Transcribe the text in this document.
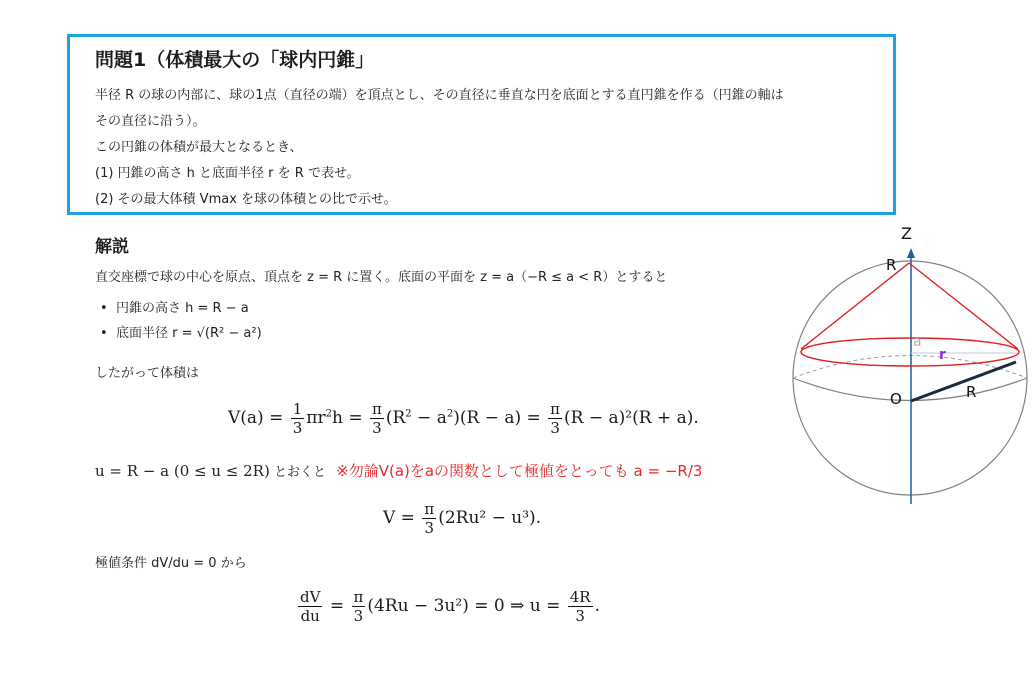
問題1（体積最大の「球内円錐」
半径 R の球の内部に、球の1点（直径の端）を頂点とし、その直径に垂直な円を底面とする直円錐を作る（円錐の軸は
その直径に沿う）。
この円錐の体積が最大となるとき、
(1) 円錐の高さ h と底面半径 r を R で表せ。
(2) その最大体積 Vmax を球の体積との比で示せ。
解説
直交座標で球の中心を原点、頂点を z = R に置く。底面の平面を z = a（−R ≤ a < R）とすると
• 円錐の高さ h = R − a
• 底面半径 r = √(R² − a²)
したがって体積は
$V(a) = \frac{1}{3} \pi r^2h = \frac{\pi}{3} (R^2 - a^2)(R - a) = \frac{\pi}{3} (R - a)^2(R + a)$.
u = R − a (0 ≤ u ≤ 2R) とおくと ※勿論V(a)をaの関数として極値をとっても a = −R/3
$V = \frac{\pi}{3} (2Ru^2 - u^3)$.
極値条件 dV/du = 0 から
$\frac{dV}{du} = \frac{\pi}{3} (4Ru - 3u^2) = 0$ ⇒ $u = \frac{4R}{3}$ .
Z
R
a
r
O	R
